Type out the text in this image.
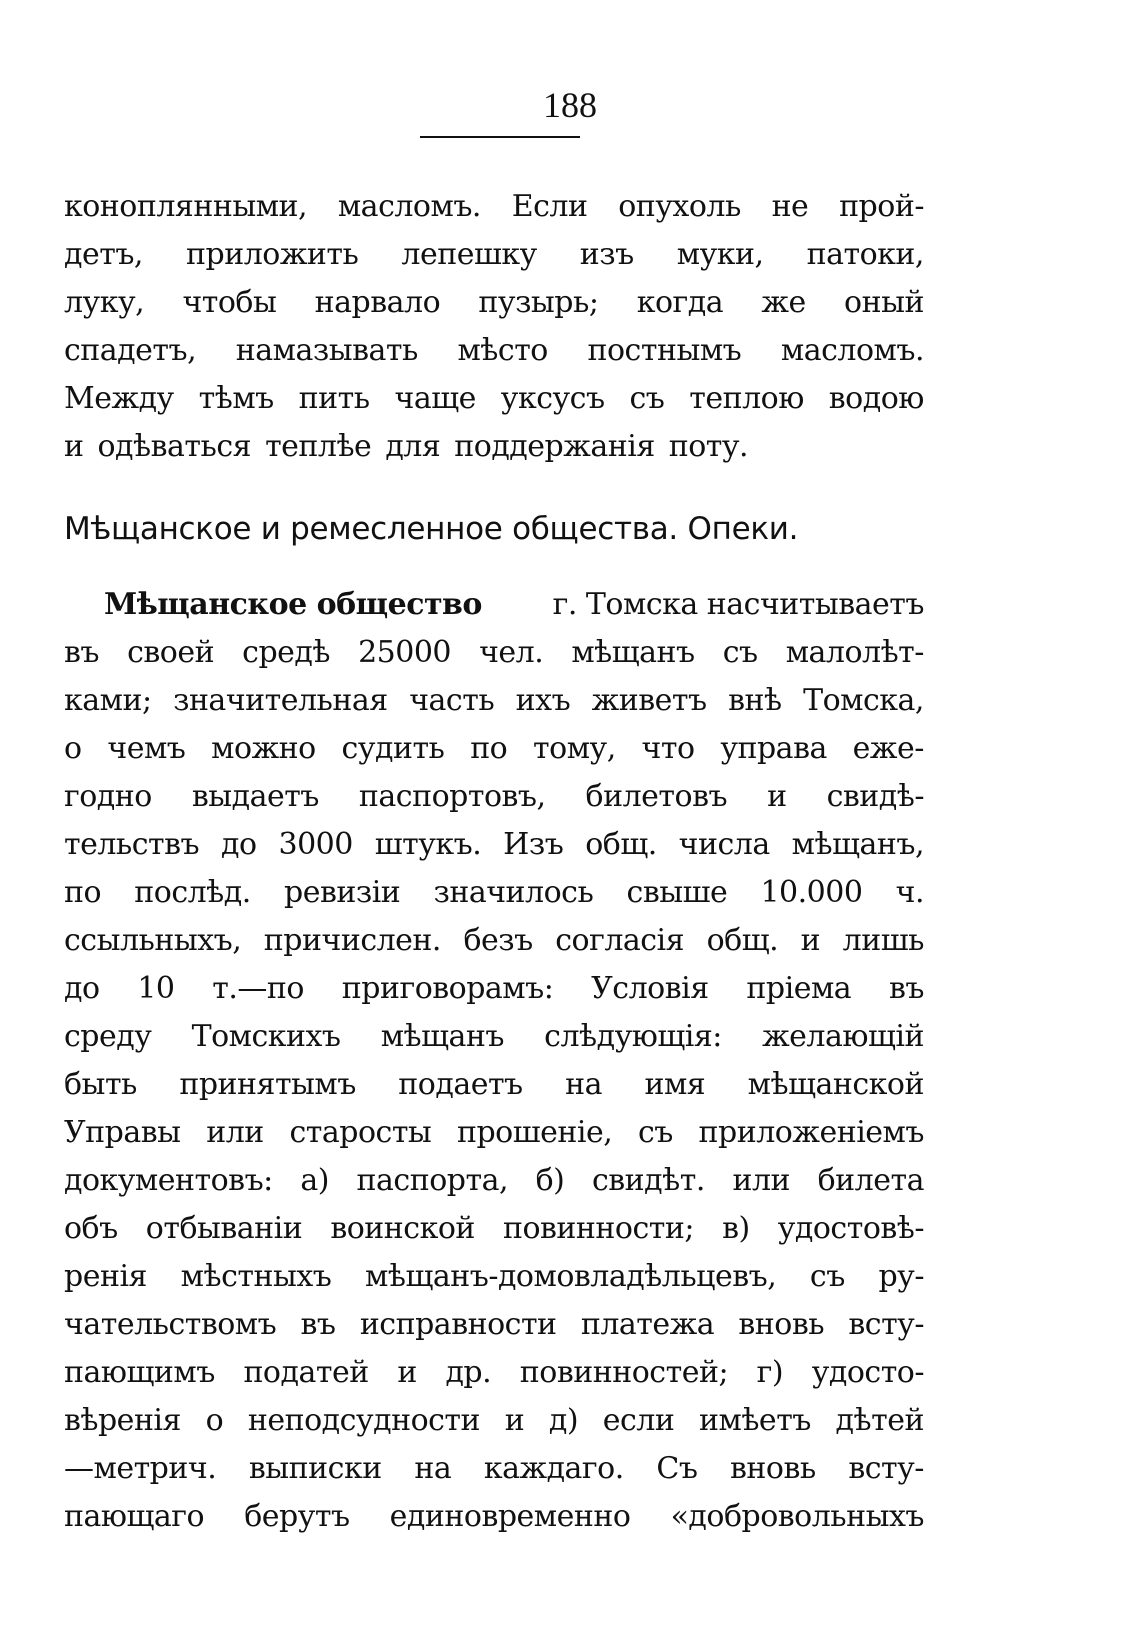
188
коноплянными, масломъ. Если опухоль не прой-
детъ, приложить лепешку изъ муки, патоки,
луку, чтобы нарвало пузырь; когда же оный
спадетъ, намазывать мѣсто постнымъ масломъ.
Между тѣмъ пить чаще уксусъ съ теплою водою
и одѣваться теплѣе для поддержанія поту.
Мѣщанское и ремесленное общества. Опеки.
Мѣщанское общество г. Томска насчитываетъ
въ своей средѣ 25000 чел. мѣщанъ съ малолѣт-
ками; значительная часть ихъ живетъ внѣ Томска,
о чемъ можно судить по тому, что управа еже-
годно выдаетъ паспортовъ, билетовъ и свидѣ-
тельствъ до 3000 штукъ. Изъ общ. числа мѣщанъ,
по послѣд. ревизіи значилось свыше 10.000 ч.
ссыльныхъ, причислен. безъ согласія общ. и лишь
до 10 т.—по приговорамъ: Условія пріема въ
среду Томскихъ мѣщанъ слѣдующія: желающій
быть принятымъ подаетъ на имя мѣщанской
Управы или старосты прошеніе, съ приложеніемъ
документовъ: а) паспорта, б) свидѣт. или билета
объ отбываніи воинской повинности; в) удостовѣ-
ренія мѣстныхъ мѣщанъ-домовладѣльцевъ, съ ру-
чательствомъ въ исправности платежа вновь всту-
пающимъ податей и др. повинностей; г) удосто-
вѣренія о неподсудности и д) если имѣетъ дѣтей
—метрич. выписки на каждаго. Съ вновь всту-
пающаго берутъ единовременно «добровольныхъ
